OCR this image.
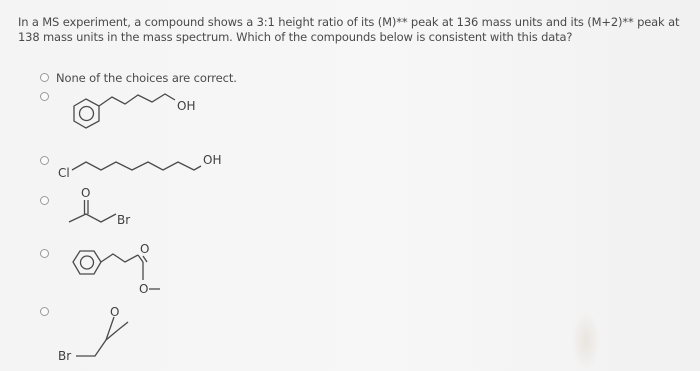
In a MS experiment, a compound shows a 3:1 height ratio of its (M)** peak at 136 mass units and its (M+2)** peak at 138 mass units in the mass spectrum. Which of the compounds below is consistent with this data?
None of the choices are correct.
OH
Cl
OH
O
Br
O
O
Br
O
